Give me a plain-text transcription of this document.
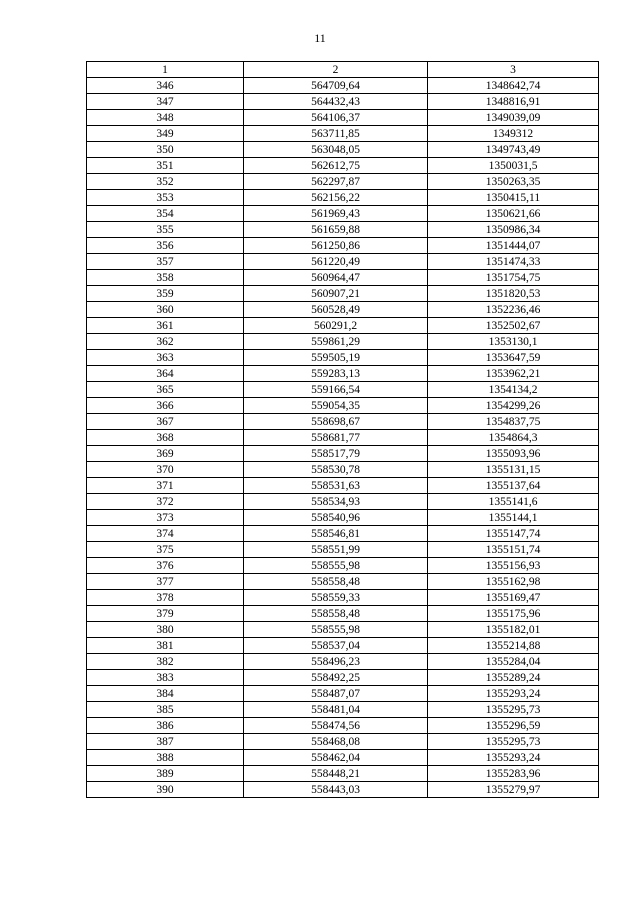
11
1	2	3
346	564709,64	1348642,74
347	564432,43	1348816,91
348	564106,37	1349039,09
349	563711,85	1349312
350	563048,05	1349743,49
351	562612,75	1350031,5
352	562297,87	1350263,35
353	562156,22	1350415,11
354	561969,43	1350621,66
355	561659,88	1350986,34
356	561250,86	1351444,07
357	561220,49	1351474,33
358	560964,47	1351754,75
359	560907,21	1351820,53
360	560528,49	1352236,46
361	560291,2	1352502,67
362	559861,29	1353130,1
363	559505,19	1353647,59
364	559283,13	1353962,21
365	559166,54	1354134,2
366	559054,35	1354299,26
367	558698,67	1354837,75
368	558681,77	1354864,3
369	558517,79	1355093,96
370	558530,78	1355131,15
371	558531,63	1355137,64
372	558534,93	1355141,6
373	558540,96	1355144,1
374	558546,81	1355147,74
375	558551,99	1355151,74
376	558555,98	1355156,93
377	558558,48	1355162,98
378	558559,33	1355169,47
379	558558,48	1355175,96
380	558555,98	1355182,01
381	558537,04	1355214,88
382	558496,23	1355284,04
383	558492,25	1355289,24
384	558487,07	1355293,24
385	558481,04	1355295,73
386	558474,56	1355296,59
387	558468,08	1355295,73
388	558462,04	1355293,24
389	558448,21	1355283,96
390	558443,03	1355279,97
